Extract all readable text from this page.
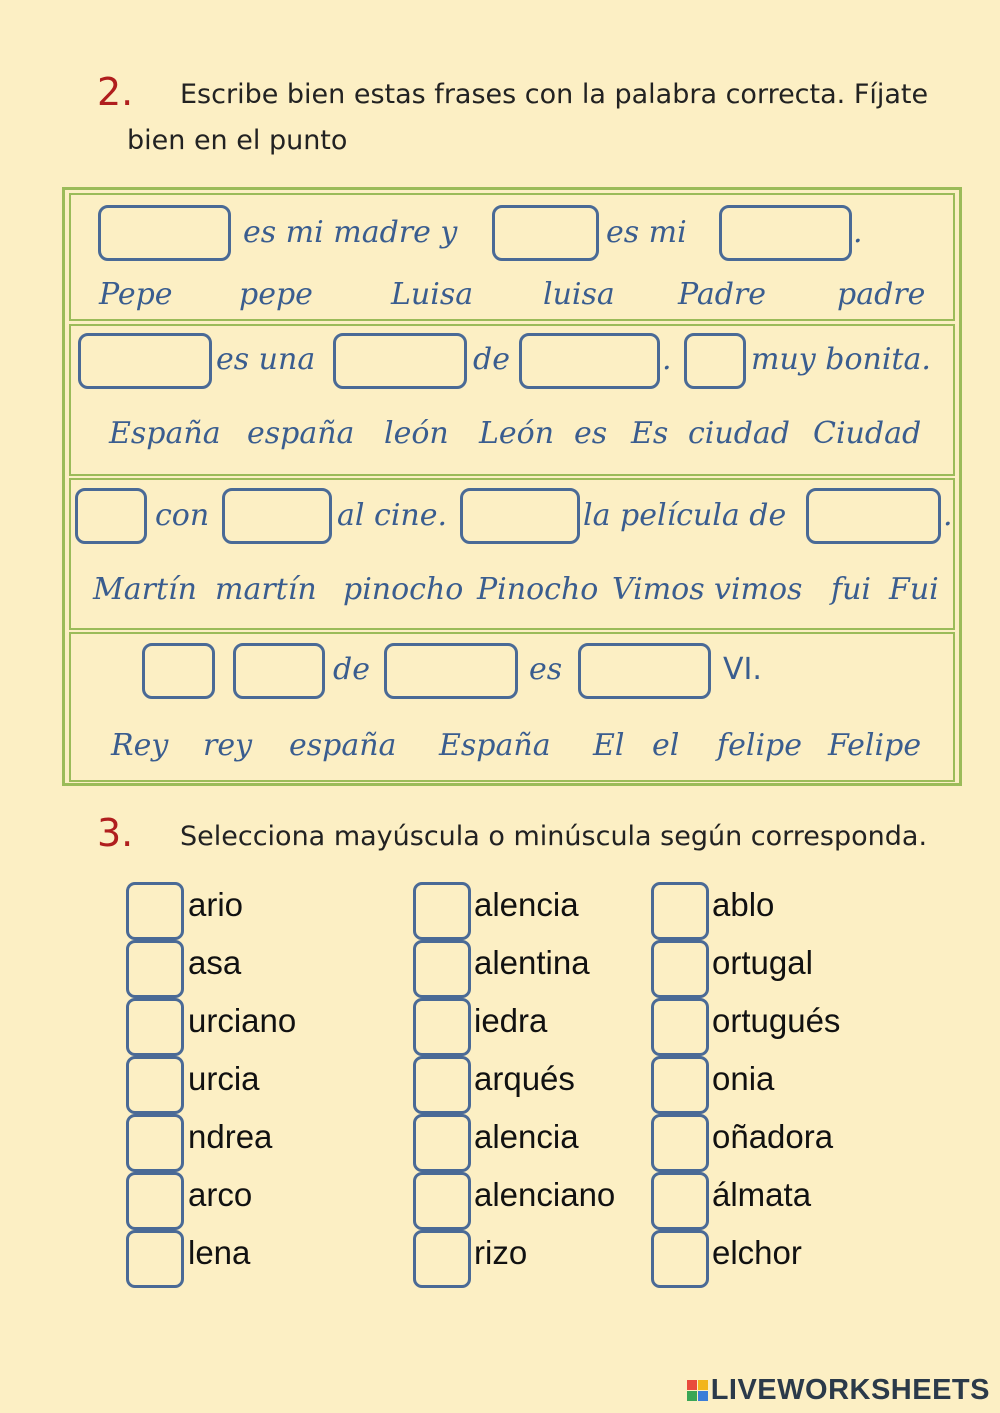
2. Escribe bien estas frases con la palabra correcta. Fíjate
bien en el punto
es mi madre y	es mi	.
Pepe pepe	Luisa luisa Padre padre
es una	de	.	muy bonita.
España españa león León es Es ciudad Ciudad
con	al cine.	la película de	.
Martín martín pinocho Pinocho Vimos vimos fui Fui
de	es	VI.
Rey rey españa España El el felipe Felipe
3. Selecciona mayúscula o minúscula según corresponda.
ario
asa
urciano
urcia
ndrea
arco
lena
alencia
alentina
iedra
arqués
alencia
alenciano
rizo
ablo
ortugal
ortugués
onia
oñadora
álmata
elchor
LIVEWORKSHEETS
